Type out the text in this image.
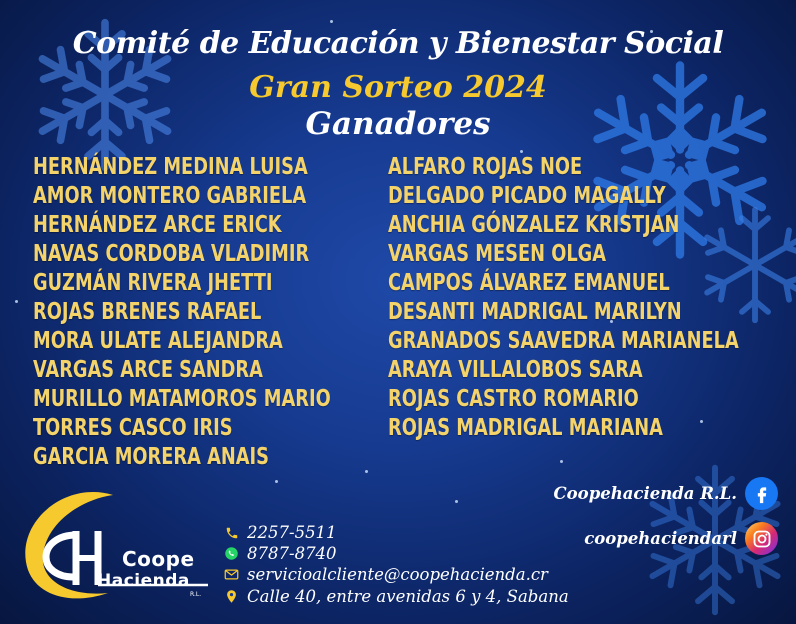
Comité de Educación y Bienestar Social
Gran Sorteo 2024
Ganadores
HERNÁNDEZ MEDINA LUISA
AMOR MONTERO GABRIELA
HERNÁNDEZ ARCE ERICK
NAVAS CORDOBA VLADIMIR
GUZMÁN RIVERA JHETTI
ROJAS BRENES RAFAEL
MORA ULATE ALEJANDRA
VARGAS ARCE SANDRA
MURILLO MATAMOROS MARIO
TORRES CASCO IRIS
GARCIA MORERA ANAIS
ALFARO ROJAS NOE
DELGADO PICADO MAGALLY
ANCHIA GÓNZALEZ KRISTJAN
VARGAS MESEN OLGA
CAMPOS ÁLVAREZ EMANUEL
DESANTI MADRIGAL MARILYN
GRANADOS SAAVEDRA MARIANELA
ARAYA VILLALOBOS SARA
ROJAS CASTRO ROMARIO
ROJAS MADRIGAL MARIANA
Coopehacienda R.L.
coopehaciendarl
Coope
Hacienda
R.L.
2257-5511
8787-8740
servicioalcliente@coopehacienda.cr
Calle 40, entre avenidas 6 y 4, Sabana
